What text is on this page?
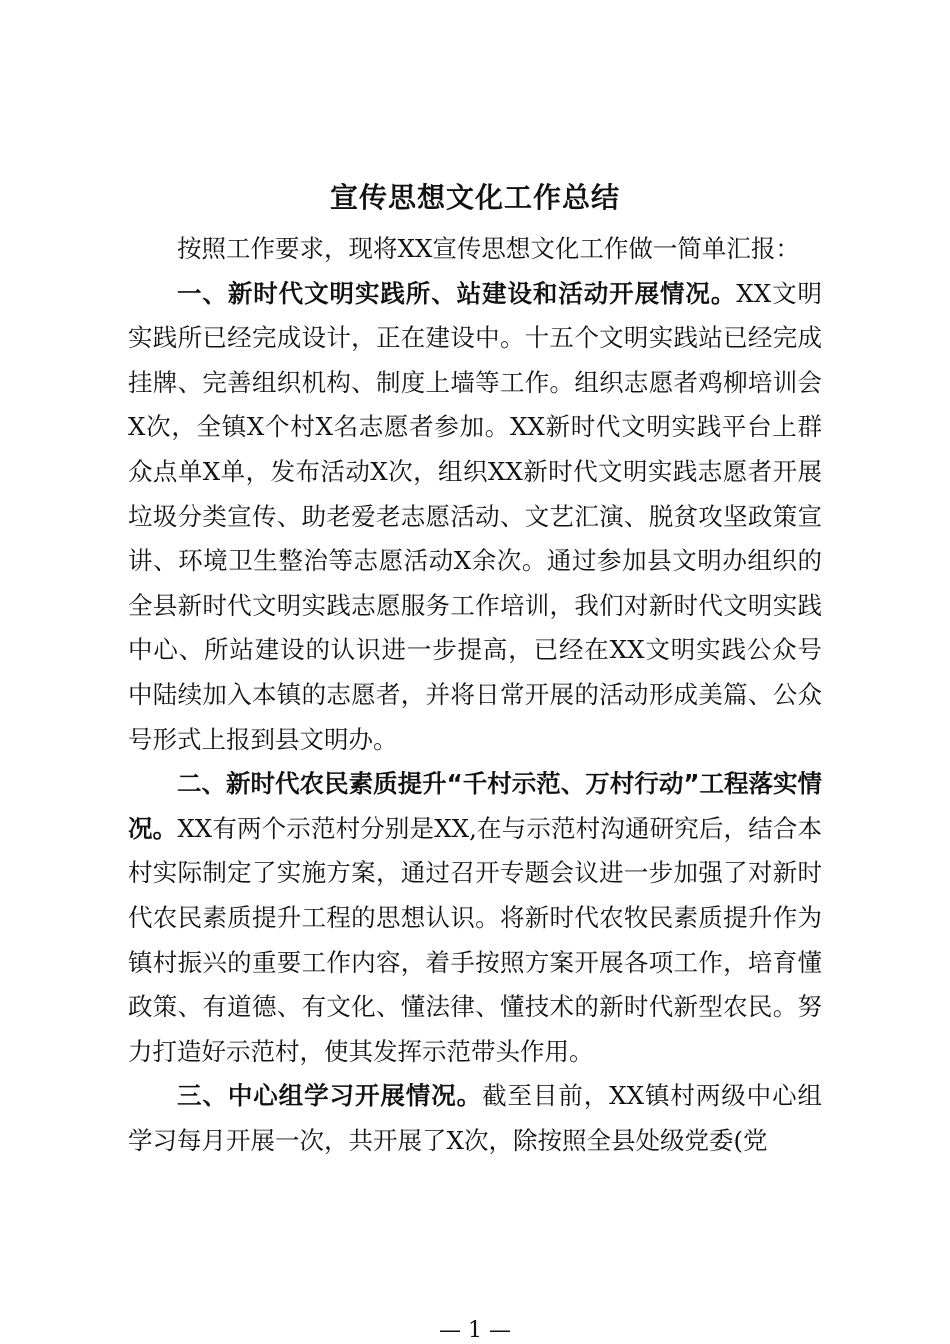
宣传思想文化工作总结

按照工作要求，现将XX宣传思想文化工作做一简单汇报：

一、新时代文明实践所、站建设和活动开展情况。XX文明实践所已经完成设计，正在建设中。十五个文明实践站已经完成挂牌、完善组织机构、制度上墙等工作。组织志愿者鸡柳培训会X次，全镇X个村X名志愿者参加。XX新时代文明实践平台上群众点单X单，发布活动X次，组织XX新时代文明实践志愿者开展垃圾分类宣传、助老爱老志愿活动、文艺汇演、脱贫攻坚政策宣讲、环境卫生整治等志愿活动X余次。通过参加县文明办组织的全县新时代文明实践志愿服务工作培训，我们对新时代文明实践中心、所站建设的认识进一步提高，已经在XX文明实践公众号中陆续加入本镇的志愿者，并将日常开展的活动形成美篇、公众号形式上报到县文明办。

二、新时代农民素质提升“千村示范、万村行动”工程落实情况。XX有两个示范村分别是XX,在与示范村沟通研究后，结合本村实际制定了实施方案，通过召开专题会议进一步加强了对新时代农民素质提升工程的思想认识。将新时代农牧民素质提升作为镇村振兴的重要工作内容，着手按照方案开展各项工作，培育懂政策、有道德、有文化、懂法律、懂技术的新时代新型农民。努力打造好示范村，使其发挥示范带头作用。

三、中心组学习开展情况。截至目前，XX镇村两级中心组学习每月开展一次，共开展了X次，除按照全县处级党委(党

— 1 —
